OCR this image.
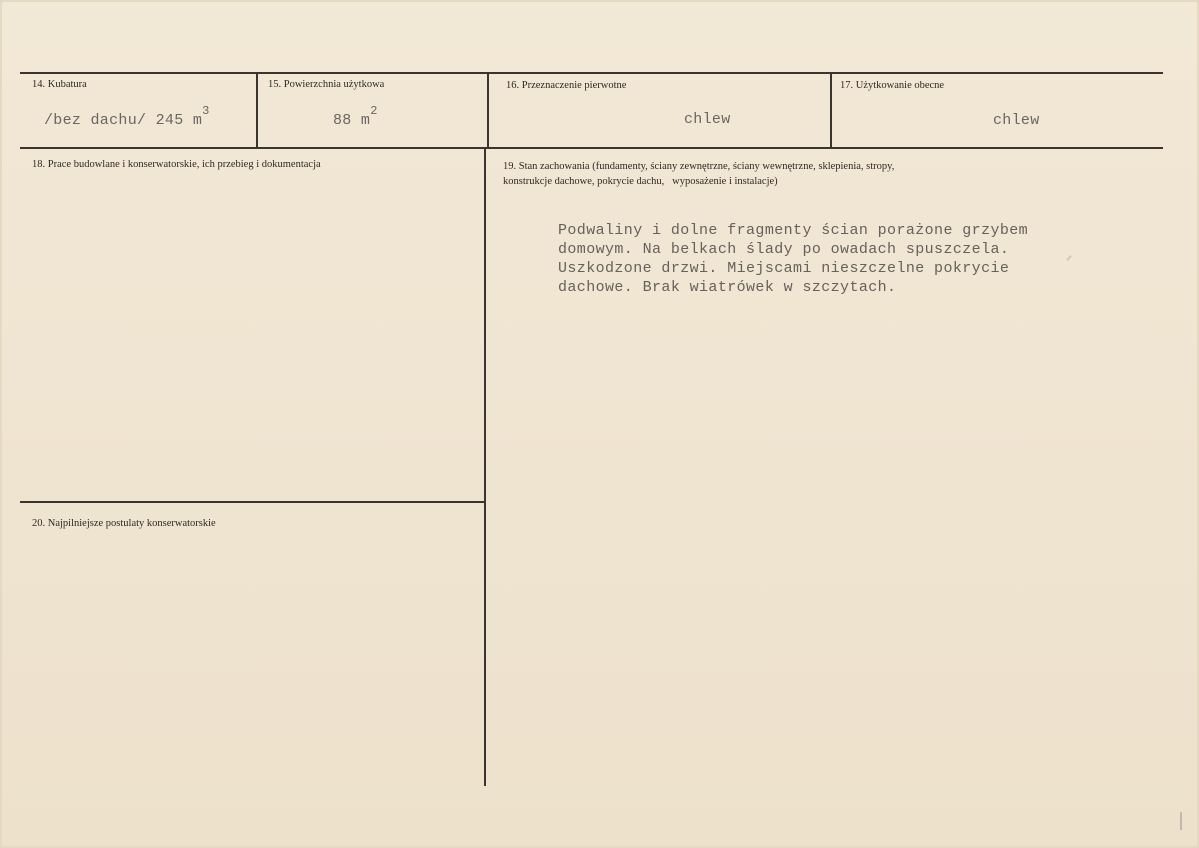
14. Kubatura
/bez dachu/ 245 $m^3$
15. Powierzchnia użytkowa
88 $m^2$
16. Przeznaczenie pierwotne
chlew
17. Użytkowanie obecne
chlew
18. Prace budowlane i konserwatorskie, ich przebieg i dokumentacja	19. Stan zachowania (fundamenty, ściany zewnętrzne, ściany wewnętrzne, sklepienia, stropy,
konstrukcje dachowe, pokrycie dachu,   wyposażenie i instalacje)
Podwaliny i dolne fragmenty ścian porażone grzybem
domowym. Na belkach ślady po owadach spuszczela.
Uszkodzone drzwi. Miejscami nieszczelne pokrycie
dachowe. Brak wiatrówek w szczytach.
20. Najpilniejsze postulaty konserwatorskie
